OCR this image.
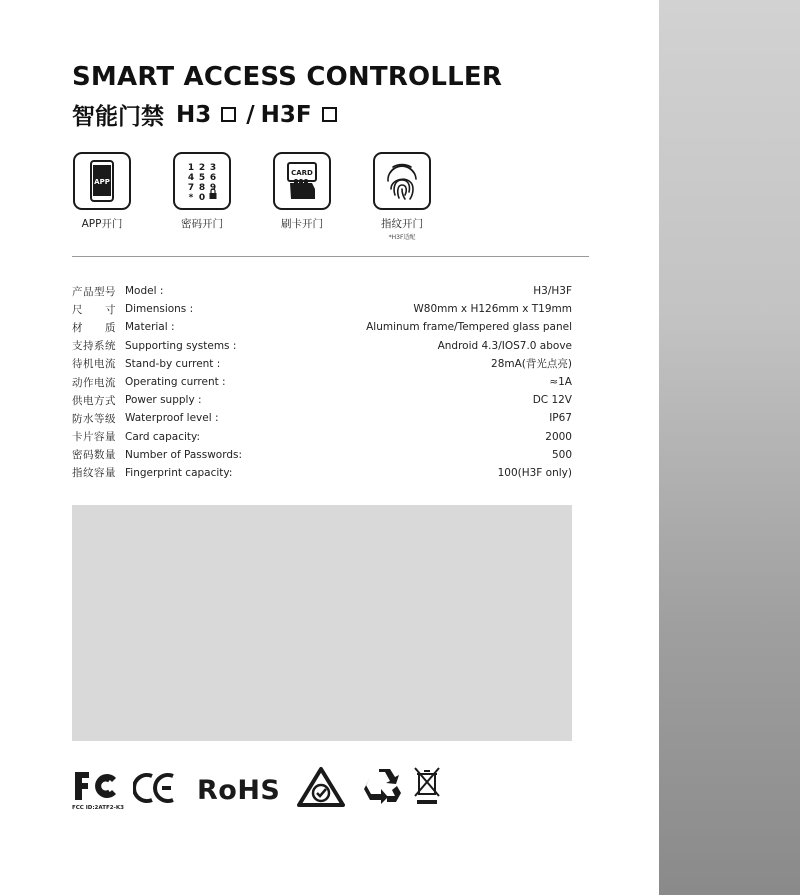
SMART ACCESS CONTROLLER
智能门禁 H3 / H3F
APP
APP开门
1 2 3
4 5 6
7 8 9
* 0
密码开门
CARD
刷卡开门	指纹开门
*H3F适配
产品型号 Model :	H3/H3F
尺　　寸 Dimensions :	W80mm x H126mm x T19mm
材　　质 Material :	Aluminum frame/Tempered glass panel
支持系统 Supporting systems :	Android 4.3/IOS7.0 above
待机电流 Stand-by current :	28mA(背光点亮)
动作电流 Operating current :	≈1A
供电方式 Power supply :	DC 12V
防水等级 Waterproof level :	IP67
卡片容量 Card capacity:	2000
密码数量 Number of Passwords:	500
指纹容量 Fingerprint capacity:	100(H3F only)
FCC ID:2ATF2-K3
RoHS
